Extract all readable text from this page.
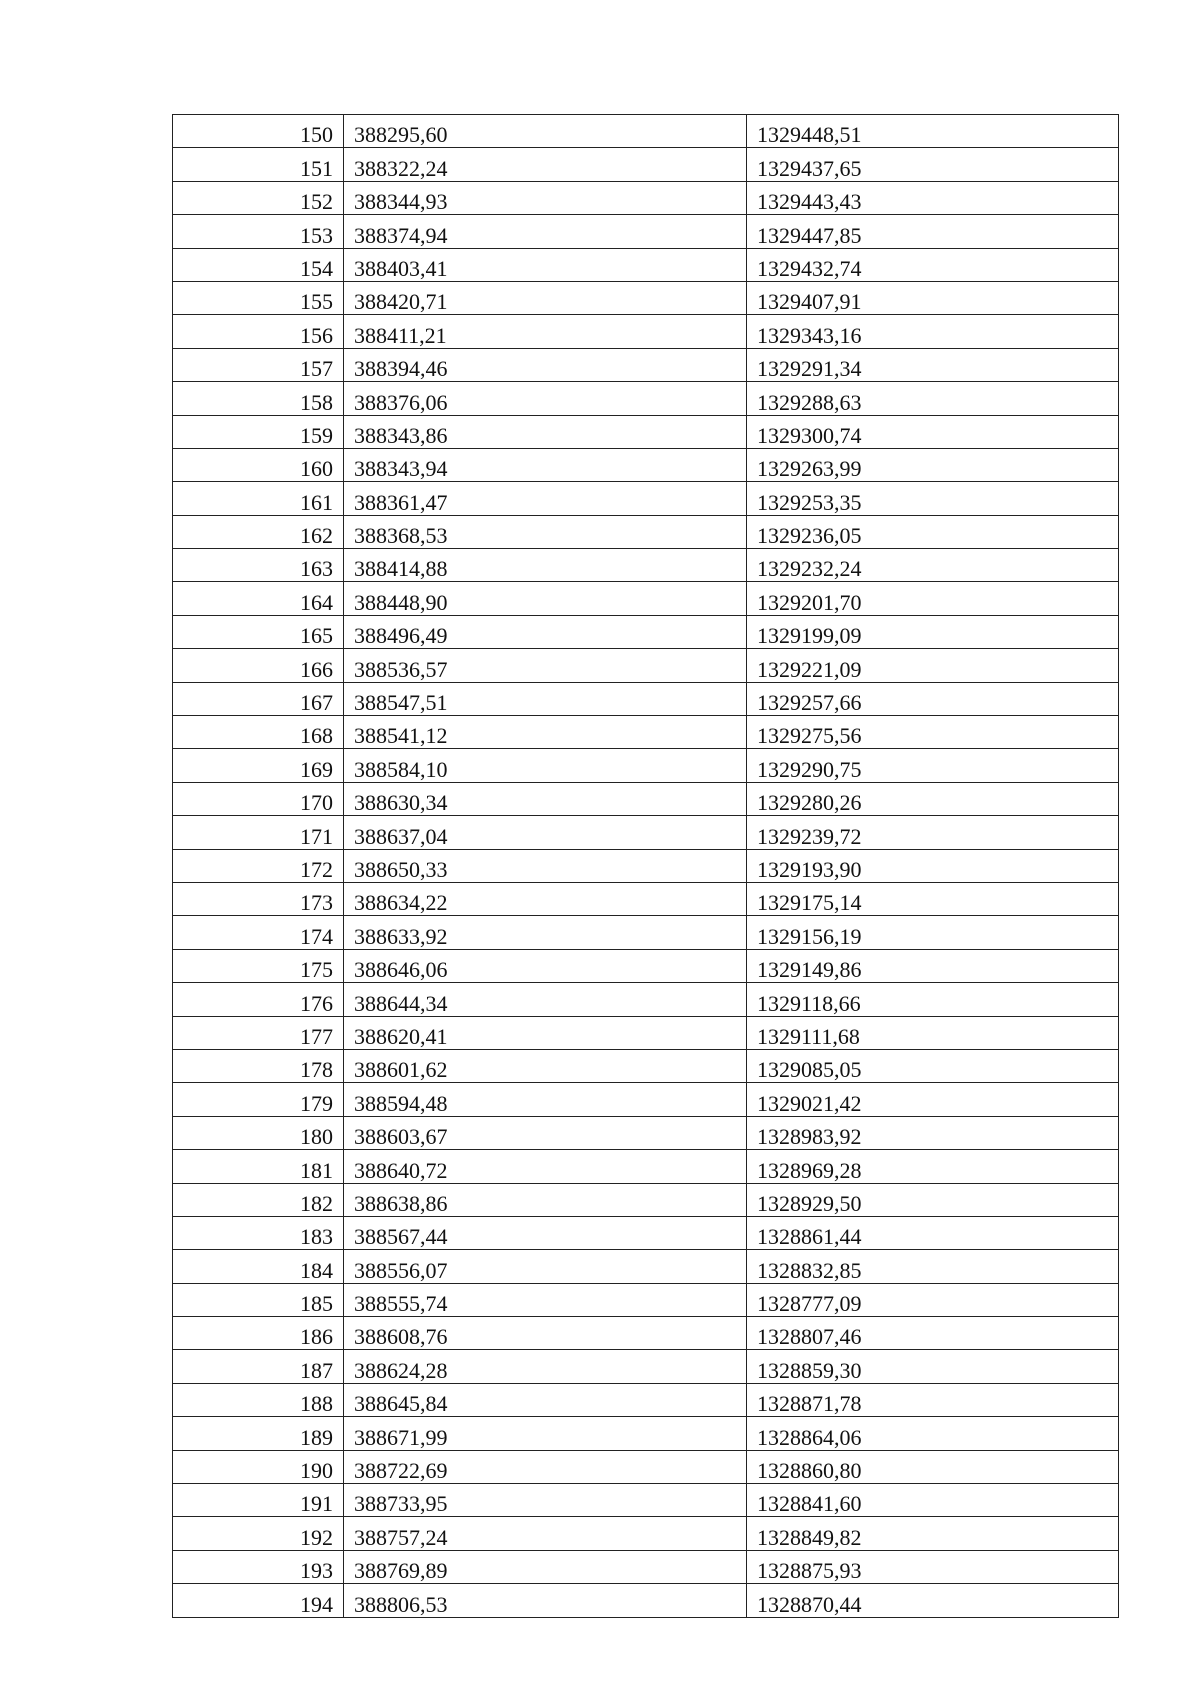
150	388295,60	1329448,51
151	388322,24	1329437,65
152	388344,93	1329443,43
153	388374,94	1329447,85
154	388403,41	1329432,74
155	388420,71	1329407,91
156	388411,21	1329343,16
157	388394,46	1329291,34
158	388376,06	1329288,63
159	388343,86	1329300,74
160	388343,94	1329263,99
161	388361,47	1329253,35
162	388368,53	1329236,05
163	388414,88	1329232,24
164	388448,90	1329201,70
165	388496,49	1329199,09
166	388536,57	1329221,09
167	388547,51	1329257,66
168	388541,12	1329275,56
169	388584,10	1329290,75
170	388630,34	1329280,26
171	388637,04	1329239,72
172	388650,33	1329193,90
173	388634,22	1329175,14
174	388633,92	1329156,19
175	388646,06	1329149,86
176	388644,34	1329118,66
177	388620,41	1329111,68
178	388601,62	1329085,05
179	388594,48	1329021,42
180	388603,67	1328983,92
181	388640,72	1328969,28
182	388638,86	1328929,50
183	388567,44	1328861,44
184	388556,07	1328832,85
185	388555,74	1328777,09
186	388608,76	1328807,46
187	388624,28	1328859,30
188	388645,84	1328871,78
189	388671,99	1328864,06
190	388722,69	1328860,80
191	388733,95	1328841,60
192	388757,24	1328849,82
193	388769,89	1328875,93
194	388806,53	1328870,44
